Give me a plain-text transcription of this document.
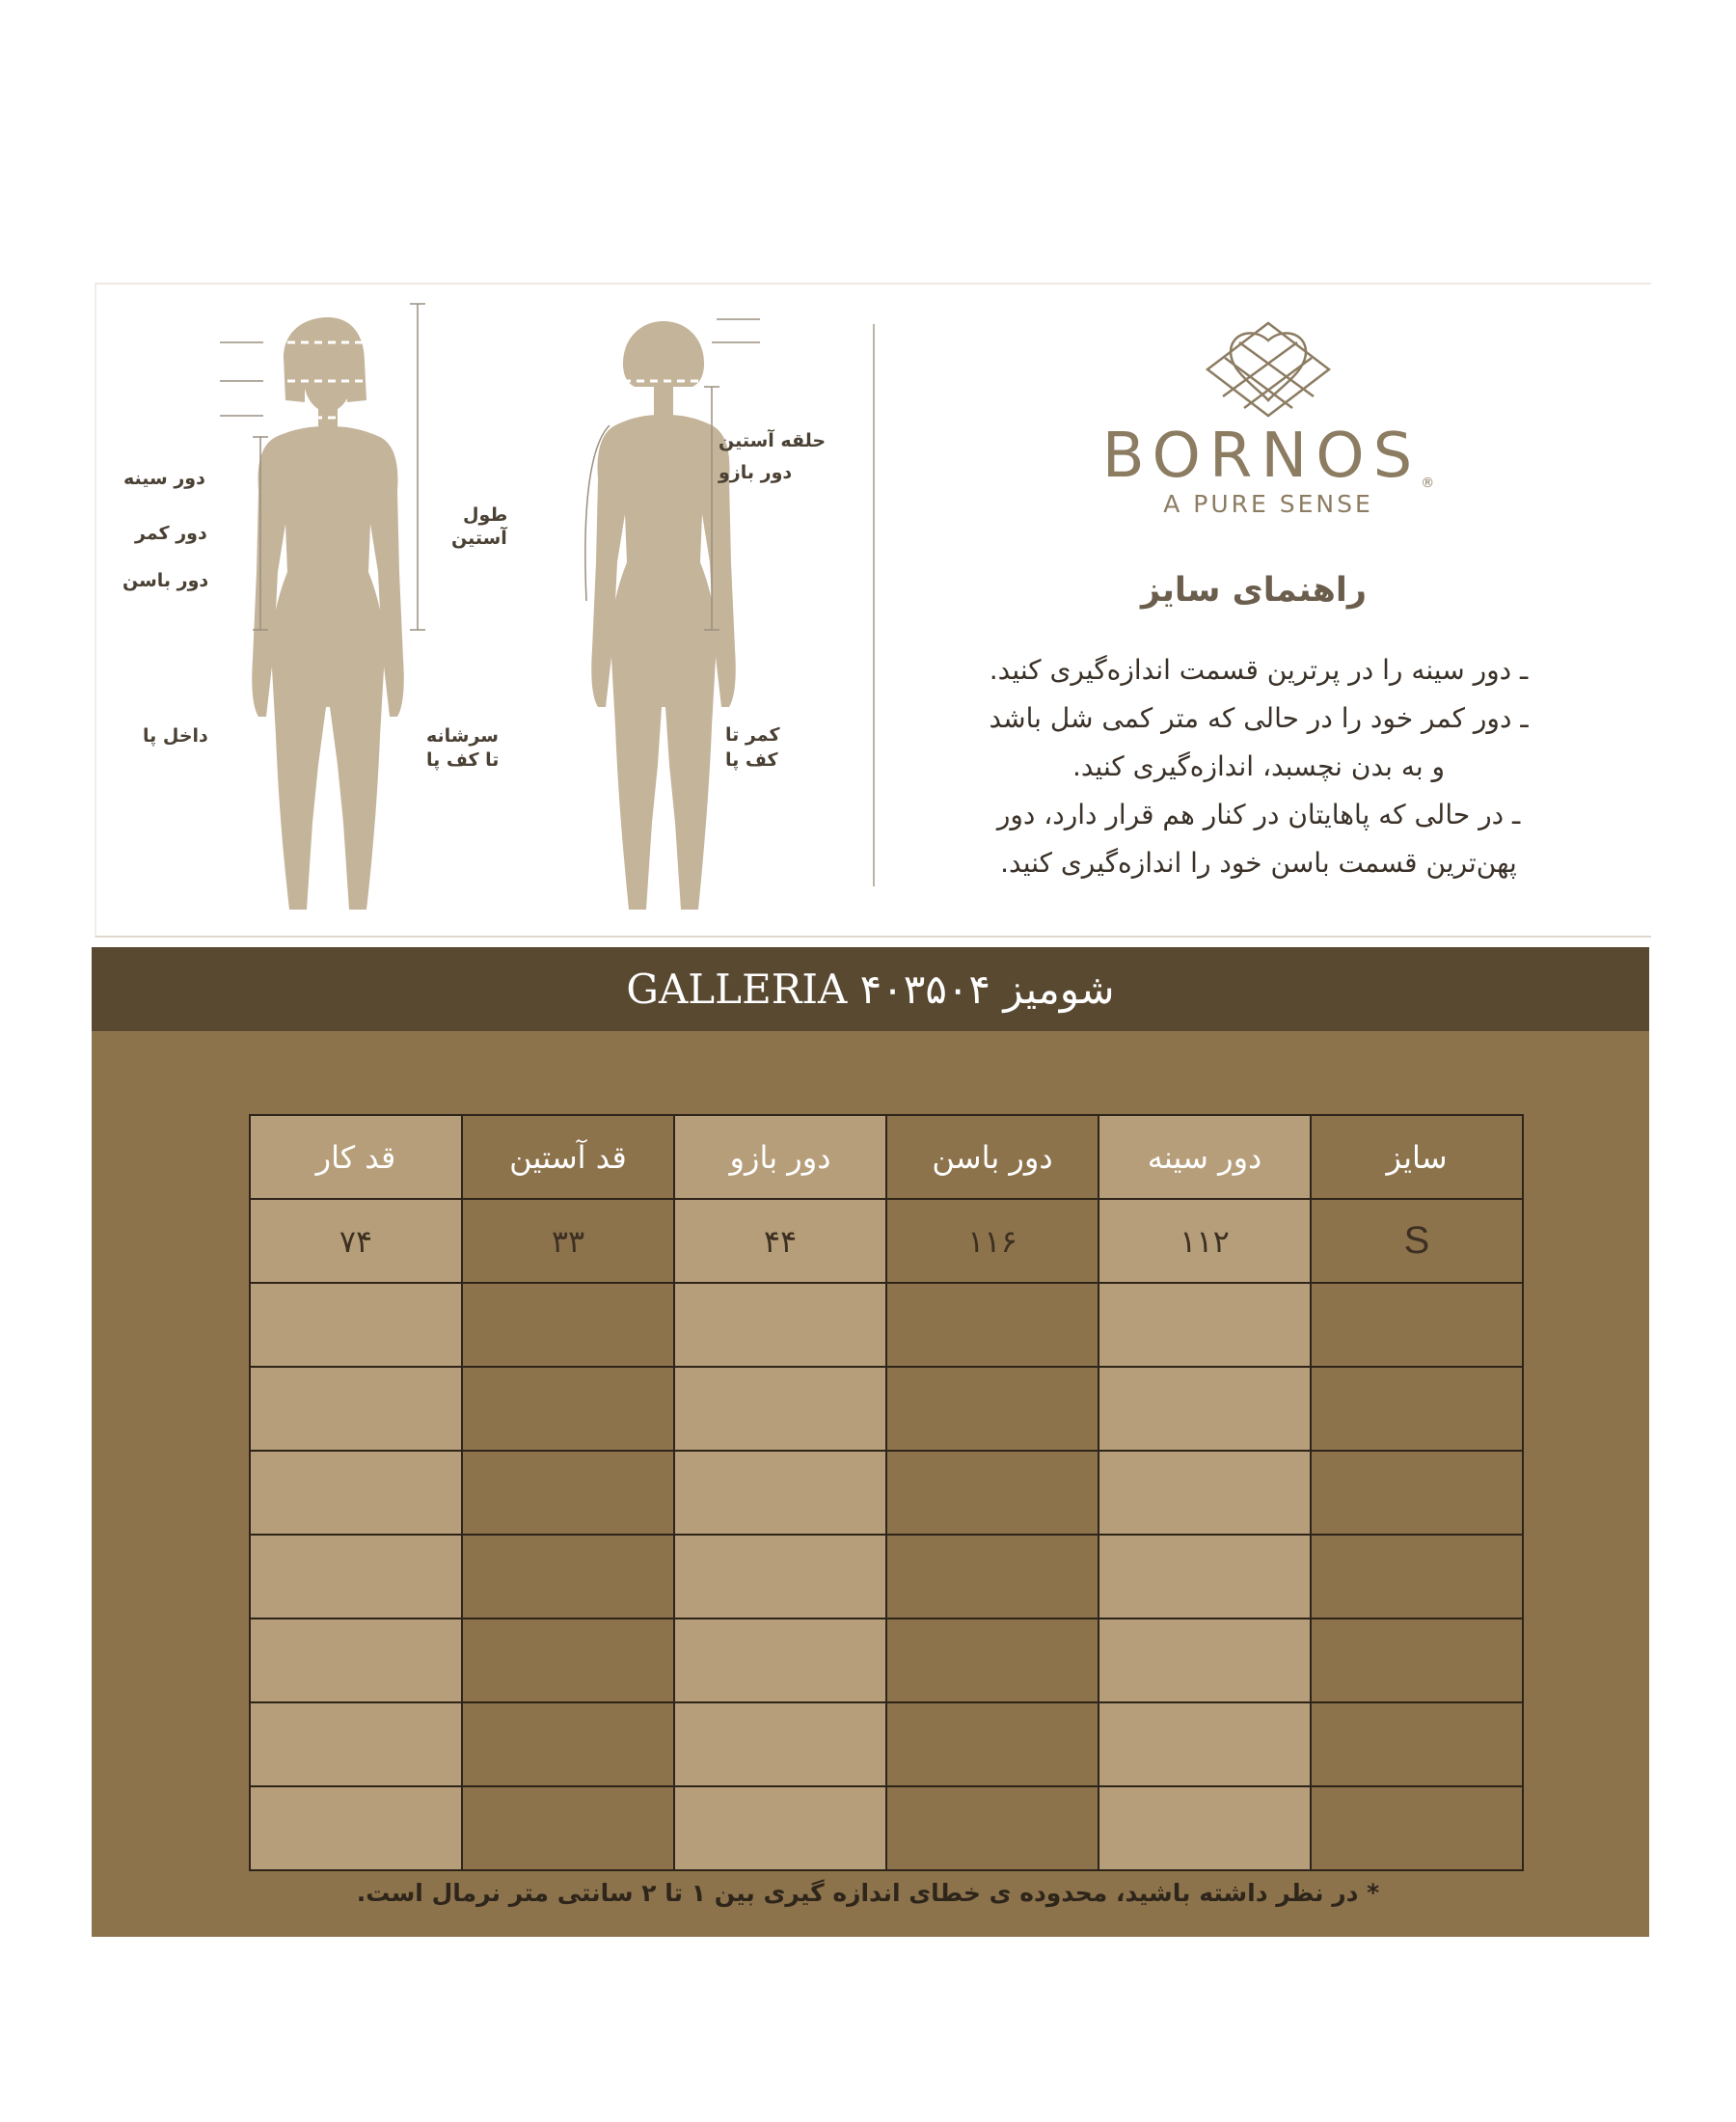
دور سینه
دور کمر
دور باسن
داخل پا	سرشانه
تا کف پا
طول
آستین
حلقه آستین
دور بازو
کمر تا
کف پا
BORNOS®
A PURE SENSE
راهنمای سایز
ـ دور سینه را در پرترین قسمت اندازه‌گیری کنید.
ـ دور کمر خود را در حالی که متر کمی شل باشد
و به بدن نچسبد، اندازه‌گیری کنید.
ـ در حالی که پاهایتان در کنار هم قرار دارد، دور
پهن‌ترین قسمت باسن خود را اندازه‌گیری کنید.
شومیز ۴۰۳۵۰۴ GALLERIA
سایز	دور سینه	دور باسن	دور بازو	قد آستین	قد کار
S	۱۱۲	۱۱۶	۴۴	۳۳	۷۴

* در نظر داشته باشید، محدوده ی خطای اندازه گیری بین ۱ تا ۲ سانتی متر نرمال است.
